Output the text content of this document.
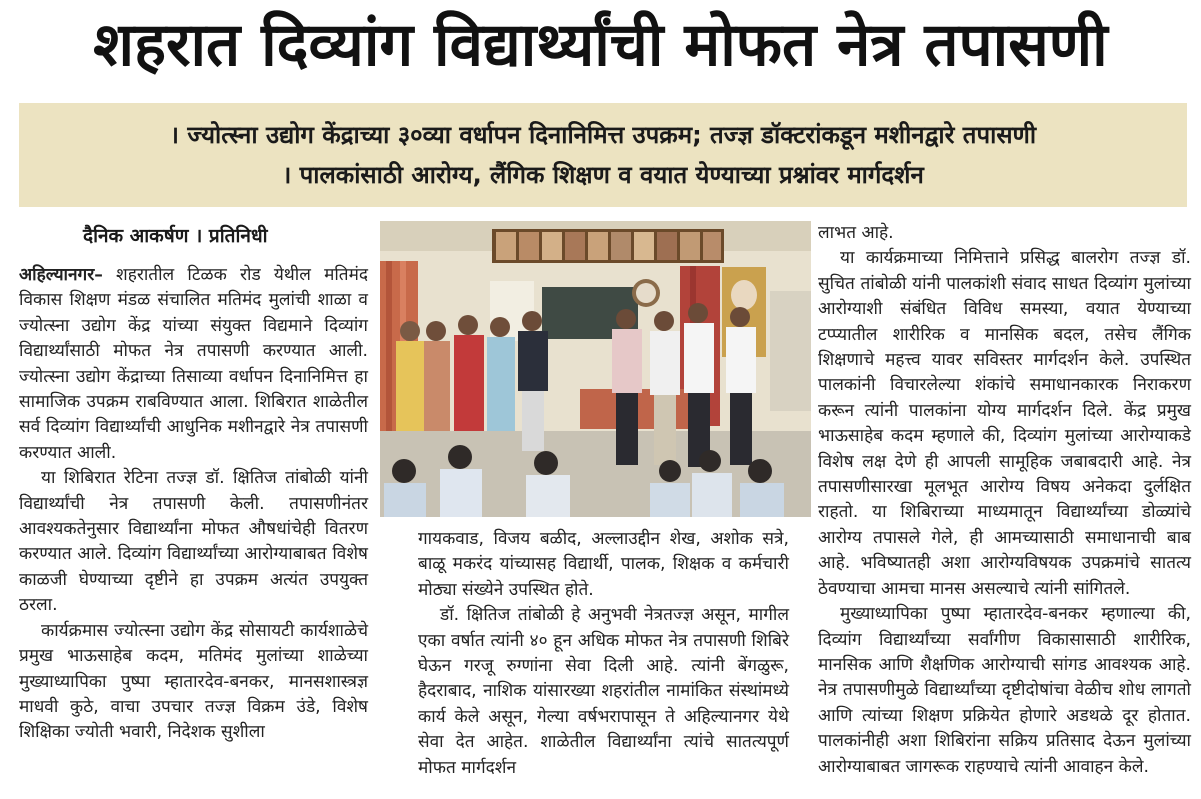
शहरात दिव्यांग विद्यार्थ्यांची मोफत नेत्र तपासणी
। ज्योत्स्ना उद्योग केंद्राच्या ३०व्या वर्धापन दिनानिमित्त उपक्रम; तज्ज्ञ डॉक्टरांकडून मशीनद्वारे तपासणी
। पालकांसाठी आरोग्य, लैंगिक शिक्षण व वयात येण्याच्या प्रश्नांवर मार्गदर्शन
दैनिक आकर्षण । प्रतिनिधी

अहिल्यानगर– शहरातील टिळक रोड येथील मतिमंद विकास शिक्षण मंडळ संचालित मतिमंद मुलांची शाळा व ज्योत्स्ना उद्योग केंद्र यांच्या संयुक्त विद्यमाने दिव्यांग विद्यार्थ्यांसाठी मोफत नेत्र तपासणी करण्यात आली. ज्योत्स्ना उद्योग केंद्राच्या तिसाव्या वर्धापन दिनानिमित्त हा सामाजिक उपक्रम राबविण्यात आला. शिबिरात शाळेतील सर्व दिव्यांग विद्यार्थ्यांची आधुनिक मशीनद्वारे नेत्र तपासणी करण्यात आली.

या शिबिरात रेटिना तज्ज्ञ डॉ. क्षितिज तांबोळी यांनी विद्यार्थ्यांची नेत्र तपासणी केली. तपासणीनंतर आवश्यकतेनुसार विद्यार्थ्यांना मोफत औषधांचेही वितरण करण्यात आले. दिव्यांग विद्यार्थ्यांच्या आरोग्याबाबत विशेष काळजी घेण्याच्या दृष्टीने हा उपक्रम अत्यंत उपयुक्त ठरला.

कार्यक्रमास ज्योत्स्ना उद्योग केंद्र सोसायटी कार्यशाळेचे प्रमुख भाऊसाहेब कदम, मतिमंद मुलांच्या शाळेच्या मुख्याध्यापिका पुष्पा म्हातारदेव-बनकर, मानसशास्त्रज्ञ माधवी कुठे, वाचा उपचार तज्ज्ञ विक्रम उंडे, विशेष शिक्षिका ज्योती भवारी, निदेशक सुशीला

गायकवाड, विजय बळीद, अल्लाउद्दीन शेख, अशोक सत्रे, बाळू मकरंद यांच्यासह विद्यार्थी, पालक, शिक्षक व कर्मचारी मोठ्या संख्येने उपस्थित होते.

डॉ. क्षितिज तांबोळी हे अनुभवी नेत्रतज्ज्ञ असून, मागील एका वर्षात त्यांनी ४० हून अधिक मोफत नेत्र तपासणी शिबिरे घेऊन गरजू रुग्णांना सेवा दिली आहे. त्यांनी बेंगळुरू, हैदराबाद, नाशिक यांसारख्या शहरांतील नामांकित संस्थांमध्ये कार्य केले असून, गेल्या वर्षभरापासून ते अहिल्यानगर येथे सेवा देत आहेत. शाळेतील विद्यार्थ्यांना त्यांचे सातत्यपूर्ण मोफत मार्गदर्शन

लाभत आहे.

या कार्यक्रमाच्या निमित्ताने प्रसिद्ध बालरोग तज्ज्ञ डॉ. सुचित तांबोळी यांनी पालकांशी संवाद साधत दिव्यांग मुलांच्या आरोग्याशी संबंधित विविध समस्या, वयात येण्याच्या टप्प्यातील शारीरिक व मानसिक बदल, तसेच लैंगिक शिक्षणाचे महत्त्व यावर सविस्तर मार्गदर्शन केले. उपस्थित पालकांनी विचारलेल्या शंकांचे समाधानकारक निराकरण करून त्यांनी पालकांना योग्य मार्गदर्शन दिले. केंद्र प्रमुख भाऊसाहेब कदम म्हणाले की, दिव्यांग मुलांच्या आरोग्याकडे विशेष लक्ष देणे ही आपली सामूहिक जबाबदारी आहे. नेत्र तपासणीसारखा मूलभूत आरोग्य विषय अनेकदा दुर्लक्षित राहतो. या शिबिराच्या माध्यमातून विद्यार्थ्यांच्या डोळ्यांचे आरोग्य तपासले गेले, ही आमच्यासाठी समाधानाची बाब आहे. भविष्यातही अशा आरोग्यविषयक उपक्रमांचे सातत्य ठेवण्याचा आमचा मानस असल्याचे त्यांनी सांगितले.

मुख्याध्यापिका पुष्पा म्हातारदेव-बनकर म्हणाल्या की, दिव्यांग विद्यार्थ्यांच्या सर्वांगीण विकासासाठी शारीरिक, मानसिक आणि शैक्षणिक आरोग्याची सांगड आवश्यक आहे. नेत्र तपासणीमुळे विद्यार्थ्यांच्या दृष्टीदोषांचा वेळीच शोध लागतो आणि त्यांच्या शिक्षण प्रक्रियेत होणारे अडथळे दूर होतात. पालकांनीही अशा शिबिरांना सक्रिय प्रतिसाद देऊन मुलांच्या आरोग्याबाबत जागरूक राहण्याचे त्यांनी आवाहन केले.
